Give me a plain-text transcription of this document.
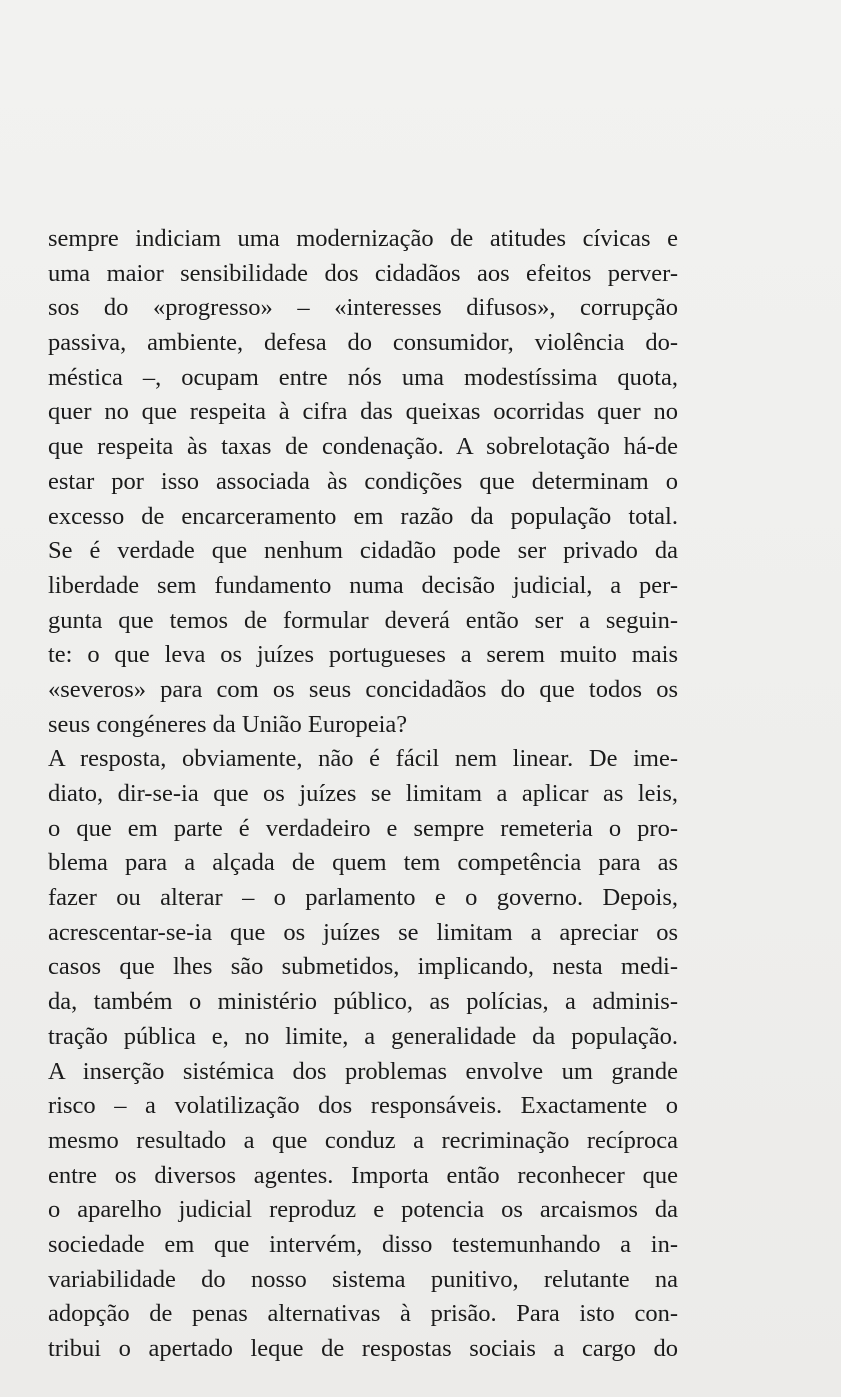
sempre indiciam uma modernização de atitudes cívicas e
uma maior sensibilidade dos cidadãos aos efeitos perver-
sos do «progresso» – «interesses difusos», corrupção
passiva, ambiente, defesa do consumidor, violência do-
méstica –, ocupam entre nós uma modestíssima quota,
quer no que respeita à cifra das queixas ocorridas quer no
que respeita às taxas de condenação. A sobrelotação há-de
estar por isso associada às condições que determinam o
excesso de encarceramento em razão da população total.
Se é verdade que nenhum cidadão pode ser privado da
liberdade sem fundamento numa decisão judicial, a per-
gunta que temos de formular deverá então ser a seguin-
te: o que leva os juízes portugueses a serem muito mais
«severos» para com os seus concidadãos do que todos os
seus congéneres da União Europeia?
A resposta, obviamente, não é fácil nem linear. De ime-
diato, dir-se-ia que os juízes se limitam a aplicar as leis,
o que em parte é verdadeiro e sempre remeteria o pro-
blema para a alçada de quem tem competência para as
fazer ou alterar – o parlamento e o governo. Depois,
acrescentar-se-ia que os juízes se limitam a apreciar os
casos que lhes são submetidos, implicando, nesta medi-
da, também o ministério público, as polícias, a adminis-
tração pública e, no limite, a generalidade da população.
A inserção sistémica dos problemas envolve um grande
risco – a volatilização dos responsáveis. Exactamente o
mesmo resultado a que conduz a recriminação recíproca
entre os diversos agentes. Importa então reconhecer que
o aparelho judicial reproduz e potencia os arcaismos da
sociedade em que intervém, disso testemunhando a in-
variabilidade do nosso sistema punitivo, relutante na
adopção de penas alternativas à prisão. Para isto con-
tribui o apertado leque de respostas sociais a cargo do
